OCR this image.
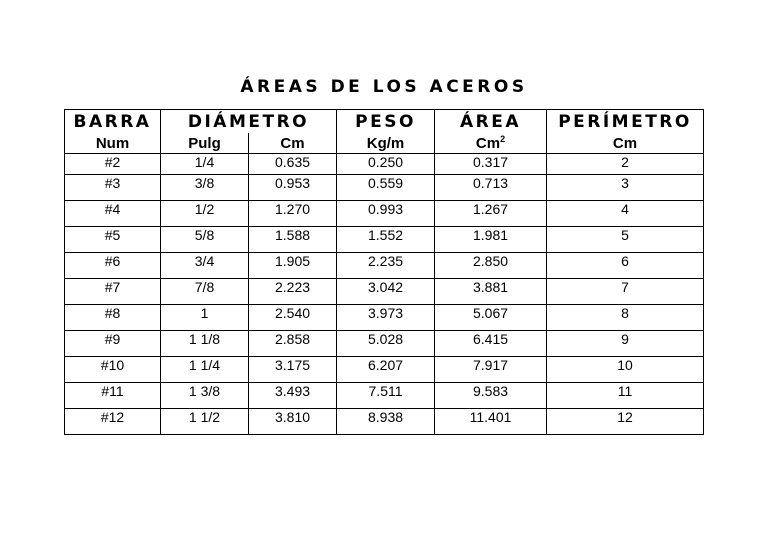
ÁREAS DE LOS ACEROS
BARRA	DIÁMETRO		PESO	ÁREA	PERÍMETRO
Num	Pulg	Cm	Kg/m	Cm$^2$	Cm
#2	1/4	0.635	0.250	0.317	2
#3	3/8	0.953	0.559	0.713	3
#4	1/2	1.270	0.993	1.267	4
#5	5/8	1.588	1.552	1.981	5
#6	3/4	1.905	2.235	2.850	6
#7	7/8	2.223	3.042	3.881	7
#8	1	2.540	3.973	5.067	8
#9	1 1/8	2.858	5.028	6.415	9
#10	1 1/4	3.175	6.207	7.917	10
#11	1 3/8	3.493	7.511	9.583	11
#12	1 1/2	3.810	8.938	11.401	12
